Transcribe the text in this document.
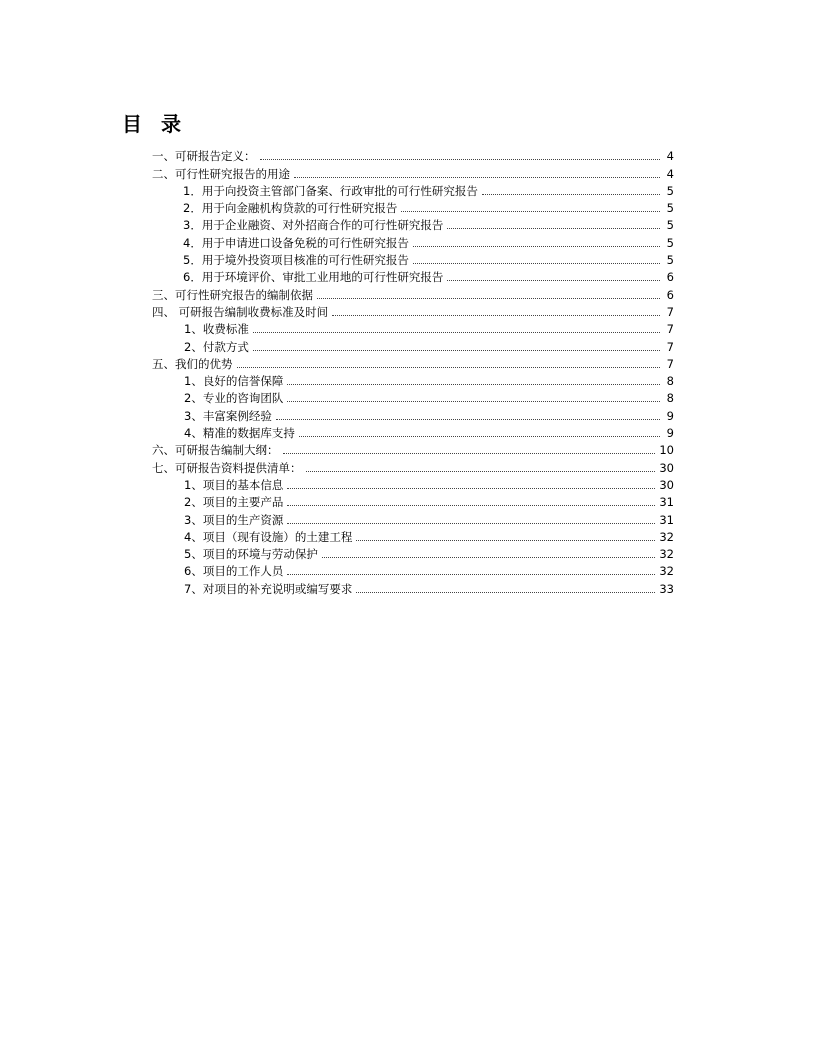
目 录
一、可研报告定义：	4
二、可行性研究报告的用途	4
1．用于向投资主管部门备案、行政审批的可行性研究报告	5
2．用于向金融机构贷款的可行性研究报告	5
3．用于企业融资、对外招商合作的可行性研究报告	5
4．用于申请进口设备免税的可行性研究报告	5
5．用于境外投资项目核准的可行性研究报告	5
6．用于环境评价、审批工业用地的可行性研究报告	6
三、可行性研究报告的编制依据	6
四、 可研报告编制收费标准及时间	7
1、收费标准	7
2、付款方式	7
五、我们的优势	7
1、良好的信誉保障	8
2、专业的咨询团队	8
3、丰富案例经验	9
4、精准的数据库支持	9
六、可研报告编制大纲：	10
七、可研报告资料提供清单：	30
1、项目的基本信息	30
2、项目的主要产品	31
3、项目的生产资源	31
4、项目（现有设施）的土建工程	32
5、项目的环境与劳动保护	32
6、项目的工作人员	32
7、对项目的补充说明或编写要求	33
